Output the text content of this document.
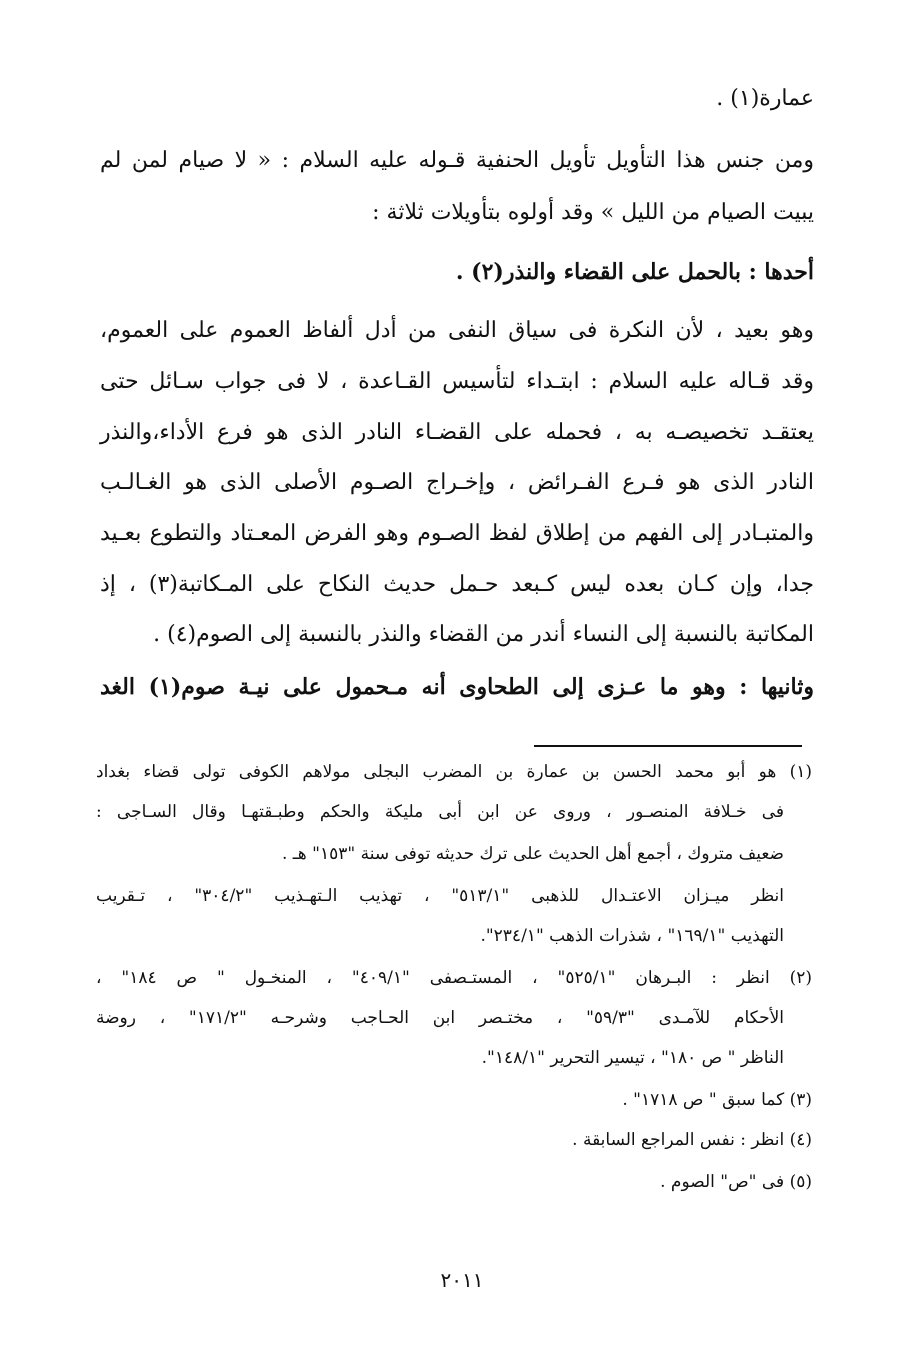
عمارة(١) .
ومن جنس هذا التأويل تأويل الحنفية قـوله عليه السلام : « لا صيام لمن لم
يبيت الصيام من الليل » وقد أولوه بتأويلات ثلاثة :
أحدها : بالحمل على القضاء والنذر(٢) .
وهو بعيد ، لأن النكرة فى سياق النفى من أدل ألفاظ العموم على العموم،
وقد قـاله عليه السلام : ابتـداء لتأسيس القـاعدة ، لا فى جواب سـائل حتى
يعتقـد تخصيصـه به ، فحمله على القضـاء النادر الذى هو فرع الأداء،والنذر
النادر الذى هو فـرع الفـرائض ، وإخـراج الصـوم الأصلى الذى هو الغـالـب
والمتبـادر إلى الفهم من إطلاق لفظ الصـوم وهو الفرض المعـتاد والتطوع بعـيد
جدا، وإن كـان بعده ليس كـبعد حـمل حديث النكاح على المـكاتبة(٣) ، إذ
المكاتبة بالنسبة إلى النساء أندر من القضاء والنذر بالنسبة إلى الصوم(٤) .
وثانيها : وهو ما عـزى إلى الطحاوى أنه مـحمول على نيـة صوم(١) الغد
(١) هو أبو محمد الحسن بن عمارة بن المضرب البجلى مولاهم الكوفى تولى قضاء بغداد
فى خـلافة المنصـور ، وروى عن ابن أبى مليكة والحكم وطبـقتهـا وقال السـاجى :
ضعيف متروك ، أجمع أهل الحديث على ترك حديثه توفى سنة "١٥٣" هـ .
انظر ميـزان الاعتـدال للذهبى "٥١٣/١" ، تهذيب الـتهـذيب "٣٠٤/٢" ، تـقريب
التهذيب "١٦٩/١" ، شذرات الذهب "٢٣٤/١".
(٢) انظر : البـرهان "٥٢٥/١" ، المستـصفى "٤٠٩/١" ، المنخـول " ص ١٨٤" ،
الأحكام للآمـدى "٥٩/٣" ، مختـصر ابن الحـاجب وشرحـه "١٧١/٢" ، روضة
الناظر " ص ١٨٠" ، تيسير التحرير "١٤٨/١".
(٣) كما سبق " ص ١٧١٨" .
(٤) انظر : نفس المراجع السابقة .
(٥) فى "ص" الصوم .
٢٠١١
